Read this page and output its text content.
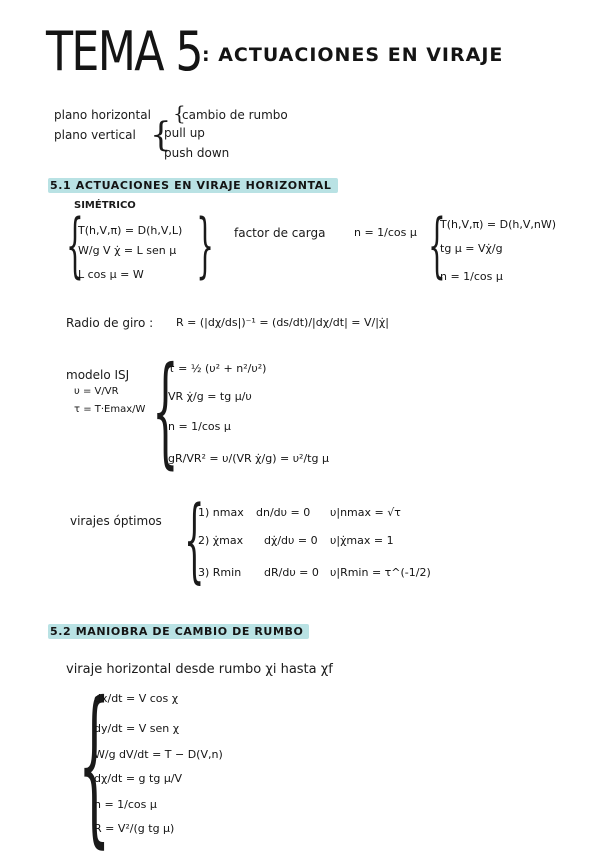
TEMA 5 : ACTUACIONES EN VIRAJE
plano horizontal {
cambio de rumbo
plano vertical {
pull up
push down
5.1 ACTUACIONES EN VIRAJE HORIZONTAL
SIMÉTRICO
{
T(h,V,π) = D(h,V,L)
W/g V χ̇ = L sen μ
L cos μ = W { factor de carga	n = 1/cos μ {
T(h,V,π) = D(h,V,nW)
tg μ = Vχ̇/g
n = 1/cos μ
Radio de giro : R = (|dχ/ds|)⁻¹ = (ds/dt)/|dχ/dt| = V/|χ̇|
modelo ISJ
υ = V/VR
τ = T·Emax/W {
τ = ½ (υ² + n²/υ²)
VR χ̇/g = tg μ/υ
n = 1/cos μ
gR/VR² = υ/(VR χ̇/g) = υ²/tg μ
virajes óptimos {
1) nmax dn/dυ = 0 υ|nmax = √τ
2) χ̇max dχ̇/dυ = 0 υ|χ̇max = 1
3) Rmin dR/dυ = 0 υ|Rmin = τ^(-1/2)
5.2 MANIOBRA DE CAMBIO DE RUMBO
viraje horizontal desde rumbo χi hasta χf
{
dx/dt = V cos χ
dy/dt = V sen χ
W/g dV/dt = T − D(V,n)
dχ/dt = g tg μ/V
n = 1/cos μ
R = V²/(g tg μ)
